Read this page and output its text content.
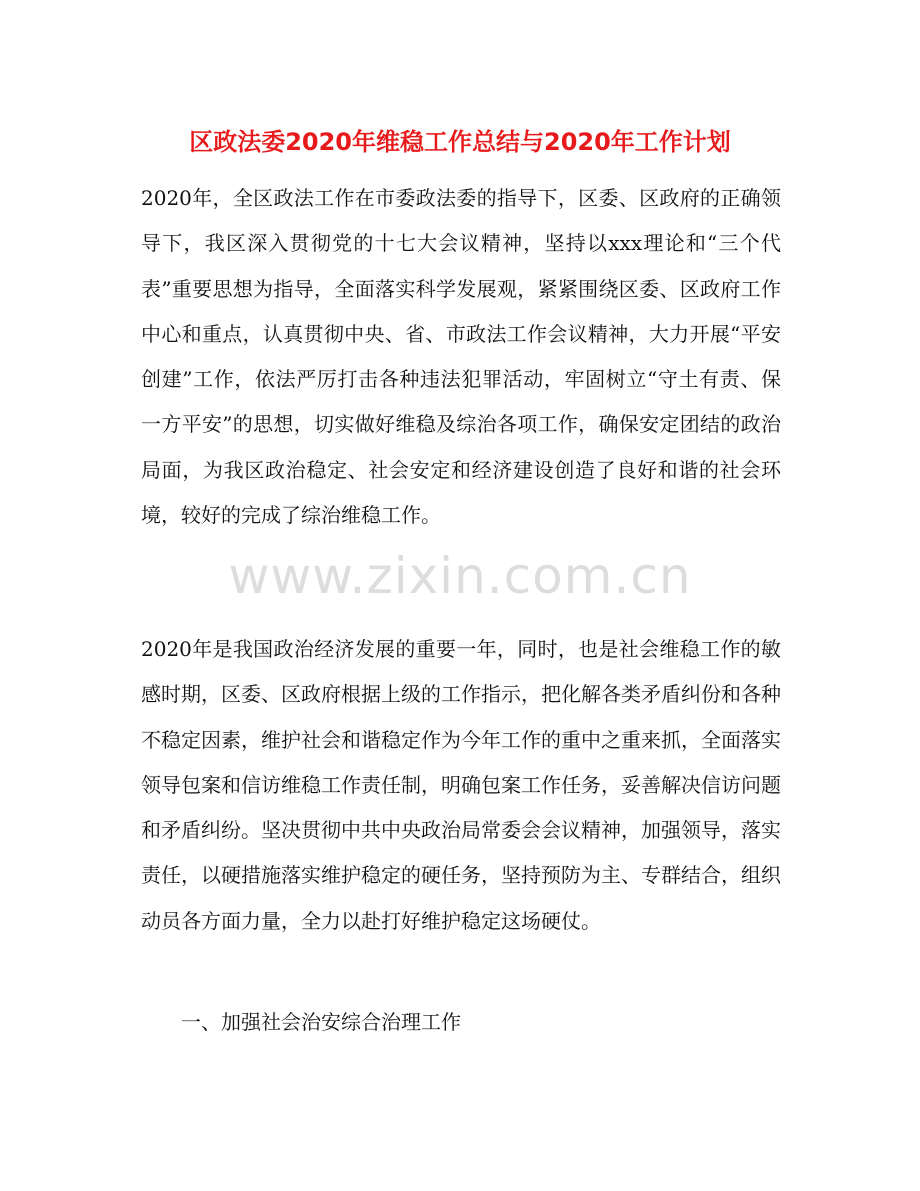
区政法委2020年维稳工作总结与2020年工作计划

2020年，全区政法工作在市委政法委的指导下，区委、区政府的正确领导下，我区深入贯彻党的十七大会议精神，坚持以xxx理论和“三个代表”重要思想为指导，全面落实科学发展观，紧紧围绕区委、区政府工作中心和重点，认真贯彻中央、省、市政法工作会议精神，大力开展“平安创建”工作，依法严厉打击各种违法犯罪活动，牢固树立“守土有责、保一方平安”的思想，切实做好维稳及综治各项工作，确保安定团结的政治局面，为我区政治稳定、社会安定和经济建设创造了良好和谐的社会环境，较好的完成了综治维稳工作。

www.zixin.com.cn

2020年是我国政治经济发展的重要一年，同时，也是社会维稳工作的敏感时期，区委、区政府根据上级的工作指示，把化解各类矛盾纠份和各种不稳定因素，维护社会和谐稳定作为今年工作的重中之重来抓，全面落实领导包案和信访维稳工作责任制，明确包案工作任务，妥善解决信访问题和矛盾纠纷。坚决贯彻中共中央政治局常委会会议精神，加强领导，落实责任，以硬措施落实维护稳定的硬任务，坚持预防为主、专群结合，组织动员各方面力量，全力以赴打好维护稳定这场硬仗。

一、加强社会治安综合治理工作
